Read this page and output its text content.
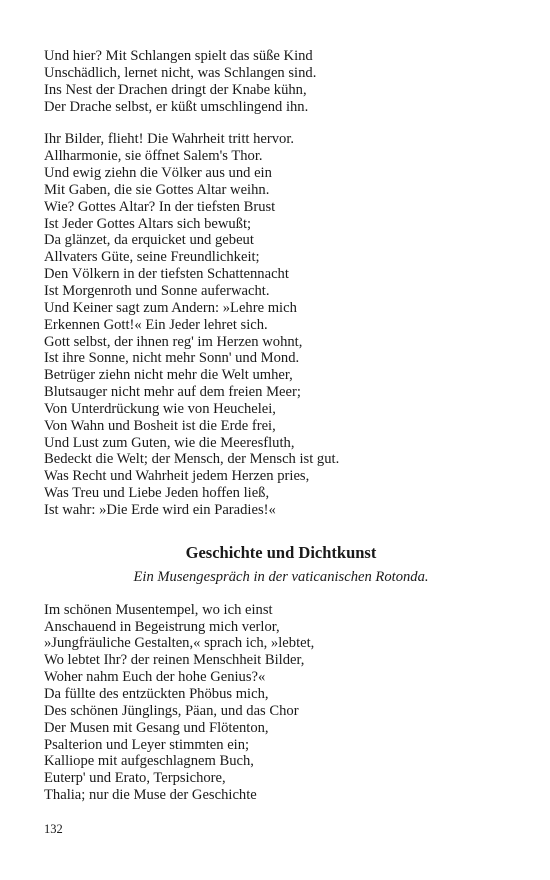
Und hier? Mit Schlangen spielt das süße Kind
Unschädlich, lernet nicht, was Schlangen sind.
Ins Nest der Drachen dringt der Knabe kühn,
Der Drache selbst, er küßt umschlingend ihn.
Ihr Bilder, flieht! Die Wahrheit tritt hervor.
Allharmonie, sie öffnet Salem's Thor.
Und ewig ziehn die Völker aus und ein
Mit Gaben, die sie Gottes Altar weihn.
Wie? Gottes Altar? In der tiefsten Brust
Ist Jeder Gottes Altars sich bewußt;
Da glänzet, da erquicket und gebeut
Allvaters Güte, seine Freundlichkeit;
Den Völkern in der tiefsten Schattennacht
Ist Morgenroth und Sonne auferwacht.
Und Keiner sagt zum Andern: »Lehre mich
Erkennen Gott!« Ein Jeder lehret sich.
Gott selbst, der ihnen reg' im Herzen wohnt,
Ist ihre Sonne, nicht mehr Sonn' und Mond.
Betrüger ziehn nicht mehr die Welt umher,
Blutsauger nicht mehr auf dem freien Meer;
Von Unterdrückung wie von Heuchelei,
Von Wahn und Bosheit ist die Erde frei,
Und Lust zum Guten, wie die Meeresfluth,
Bedeckt die Welt; der Mensch, der Mensch ist gut.
Was Recht und Wahrheit jedem Herzen pries,
Was Treu und Liebe Jeden hoffen ließ,
Ist wahr: »Die Erde wird ein Paradies!«
Geschichte und Dichtkunst
Ein Musengespräch in der vaticanischen Rotonda.
Im schönen Musentempel, wo ich einst
Anschauend in Begeistrung mich verlor,
»Jungfräuliche Gestalten,« sprach ich, »lebtet,
Wo lebtet Ihr? der reinen Menschheit Bilder,
Woher nahm Euch der hohe Genius?«
Da füllte des entzückten Phöbus mich,
Des schönen Jünglings, Päan, und das Chor
Der Musen mit Gesang und Flötenton,
Psalterion und Leyer stimmten ein;
Kalliope mit aufgeschlagnem Buch,
Euterp' und Erato, Terpsichore,
Thalia; nur die Muse der Geschichte
132
